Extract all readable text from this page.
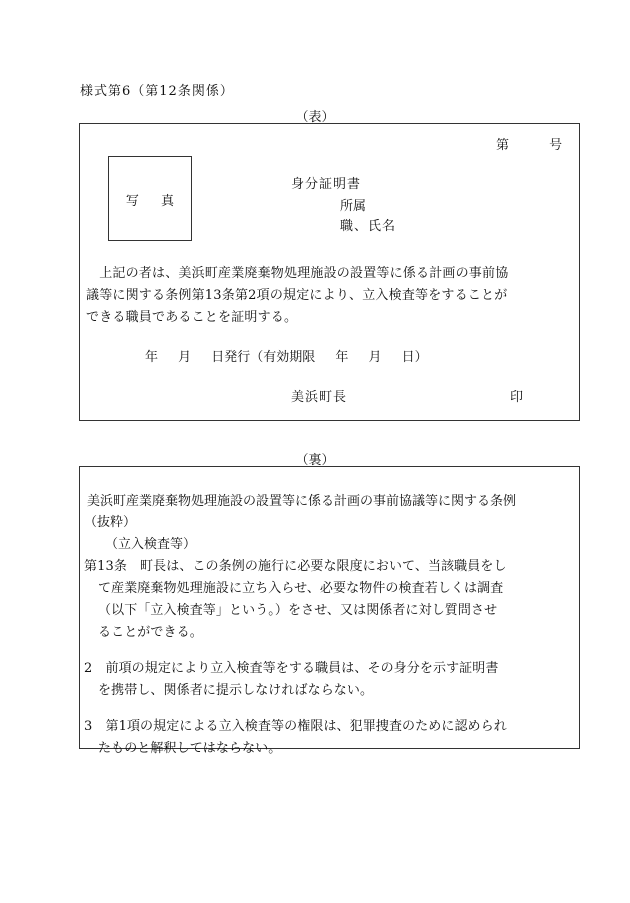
様式第6（第12条関係）
（表）
第 号
写 真
身分証明書
所属
職、氏名
　上記の者は、美浜町産業廃棄物処理施設の設置等に係る計画の事前協
議等に関する条例第13条第2項の規定により、立入検査等をすることが
できる職員であることを証明する。
年 月 日発行（有効期限 年 月 日）
美浜町長	印
（裏）
美浜町産業廃棄物処理施設の設置等に係る計画の事前協議等に関する条例
（抜粋）
（立入検査等）
第13条　町長は、この条例の施行に必要な限度において、当該職員をし
て産業廃棄物処理施設に立ち入らせ、必要な物件の検査若しくは調査
（以下「立入検査等」という。）をさせ、又は関係者に対し質問させ
ることができる。
2　前項の規定により立入検査等をする職員は、その身分を示す証明書
を携帯し、関係者に提示しなければならない。
3　第1項の規定による立入検査等の権限は、犯罪捜査のために認められ
たものと解釈してはならない。
